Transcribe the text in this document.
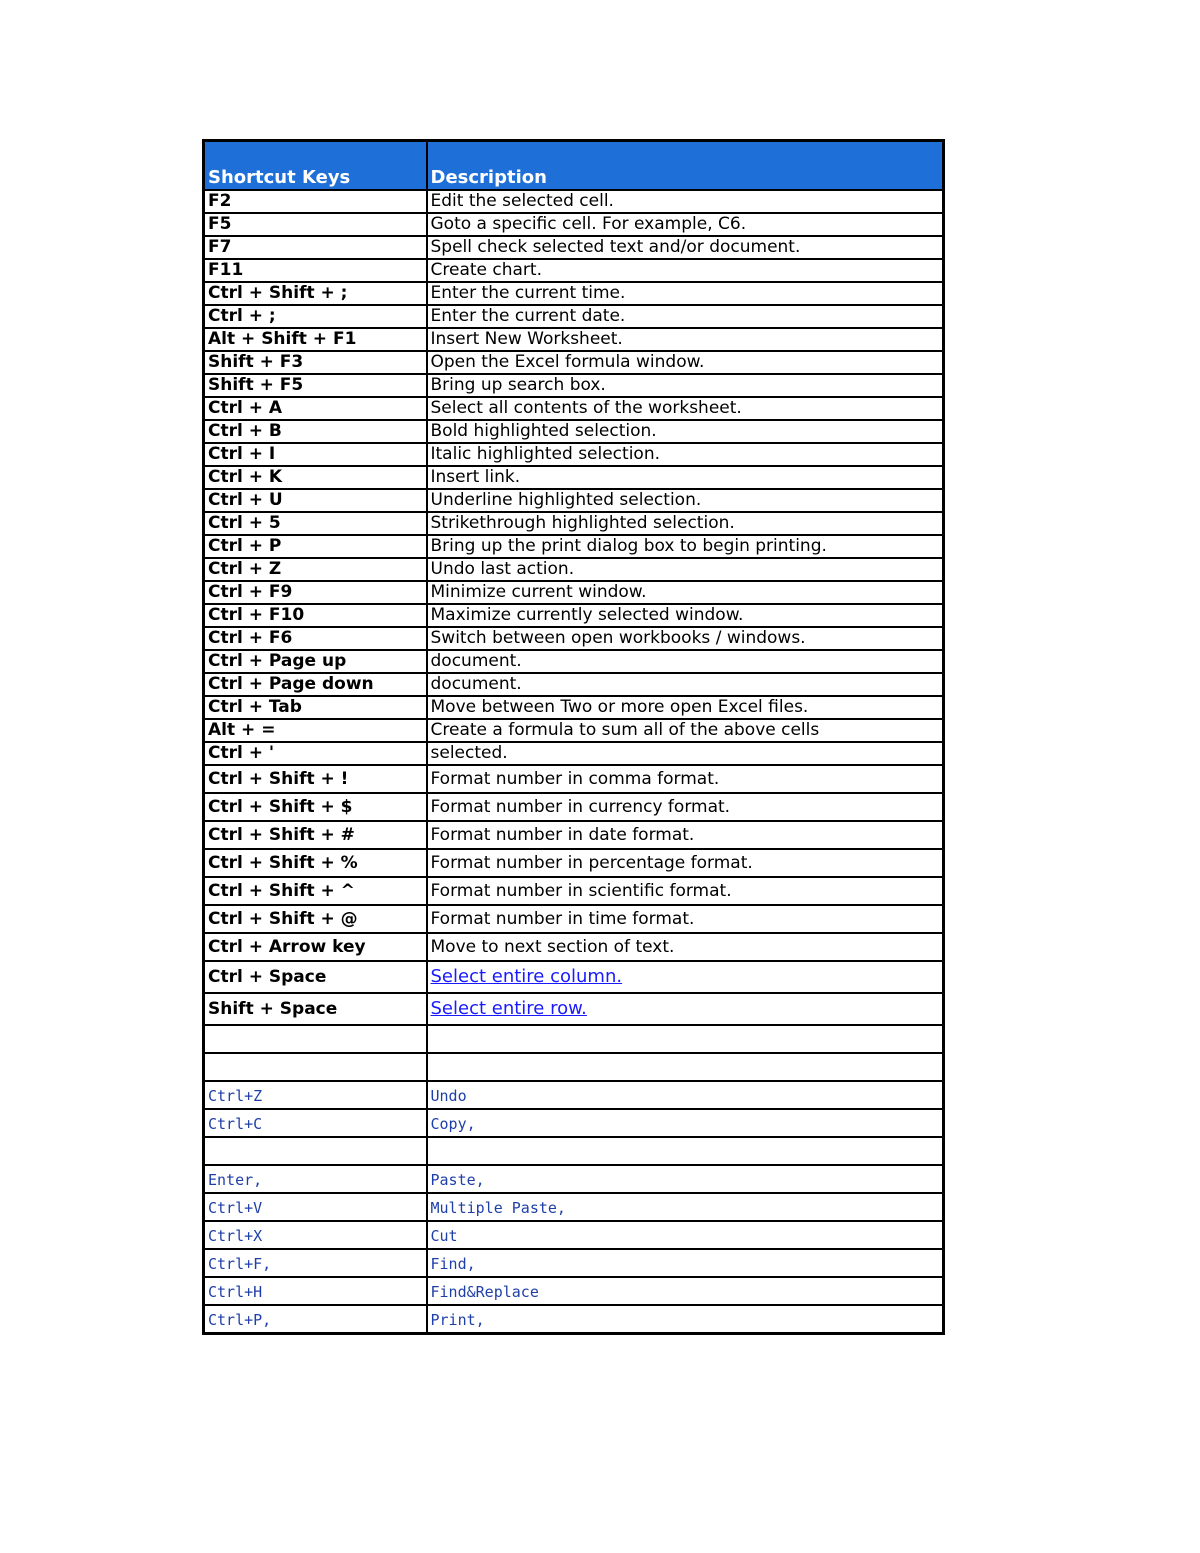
Shortcut Keys	Description
F2	Edit the selected cell.
F5	Goto a specific cell. For example, C6.
F7	Spell check selected text and/or document.
F11	Create chart.
Ctrl + Shift + ;	Enter the current time.
Ctrl + ;	Enter the current date.
Alt + Shift + F1	Insert New Worksheet.
Shift + F3	Open the Excel formula window.
Shift + F5	Bring up search box.
Ctrl + A	Select all contents of the worksheet.
Ctrl + B	Bold highlighted selection.
Ctrl + I	Italic highlighted selection.
Ctrl + K	Insert link.
Ctrl + U	Underline highlighted selection.
Ctrl + 5	Strikethrough highlighted selection.
Ctrl + P	Bring up the print dialog box to begin printing.
Ctrl + Z	Undo last action.
Ctrl + F9	Minimize current window.
Ctrl + F10	Maximize currently selected window.
Ctrl + F6	Switch between open workbooks / windows.
Ctrl + Page up	document.
Ctrl + Page down	document.
Ctrl + Tab	Move between Two or more open Excel files.
Alt + =	Create a formula to sum all of the above cells
Ctrl + '	selected.
Ctrl + Shift + !	Format number in comma format.
Ctrl + Shift + $	Format number in currency format.
Ctrl + Shift + #	Format number in date format.
Ctrl + Shift + %	Format number in percentage format.
Ctrl + Shift + ^	Format number in scientific format.
Ctrl + Shift + @	Format number in time format.
Ctrl + Arrow key	Move to next section of text.
Ctrl + Space	Select entire column.
Shift + Space	Select entire row.

Ctrl+Z	Undo
Ctrl+C	Copy,

Enter,	Paste,
Ctrl+V	Multiple Paste,
Ctrl+X	Cut
Ctrl+F,	Find,
Ctrl+H	Find&Replace
Ctrl+P,	Print,
